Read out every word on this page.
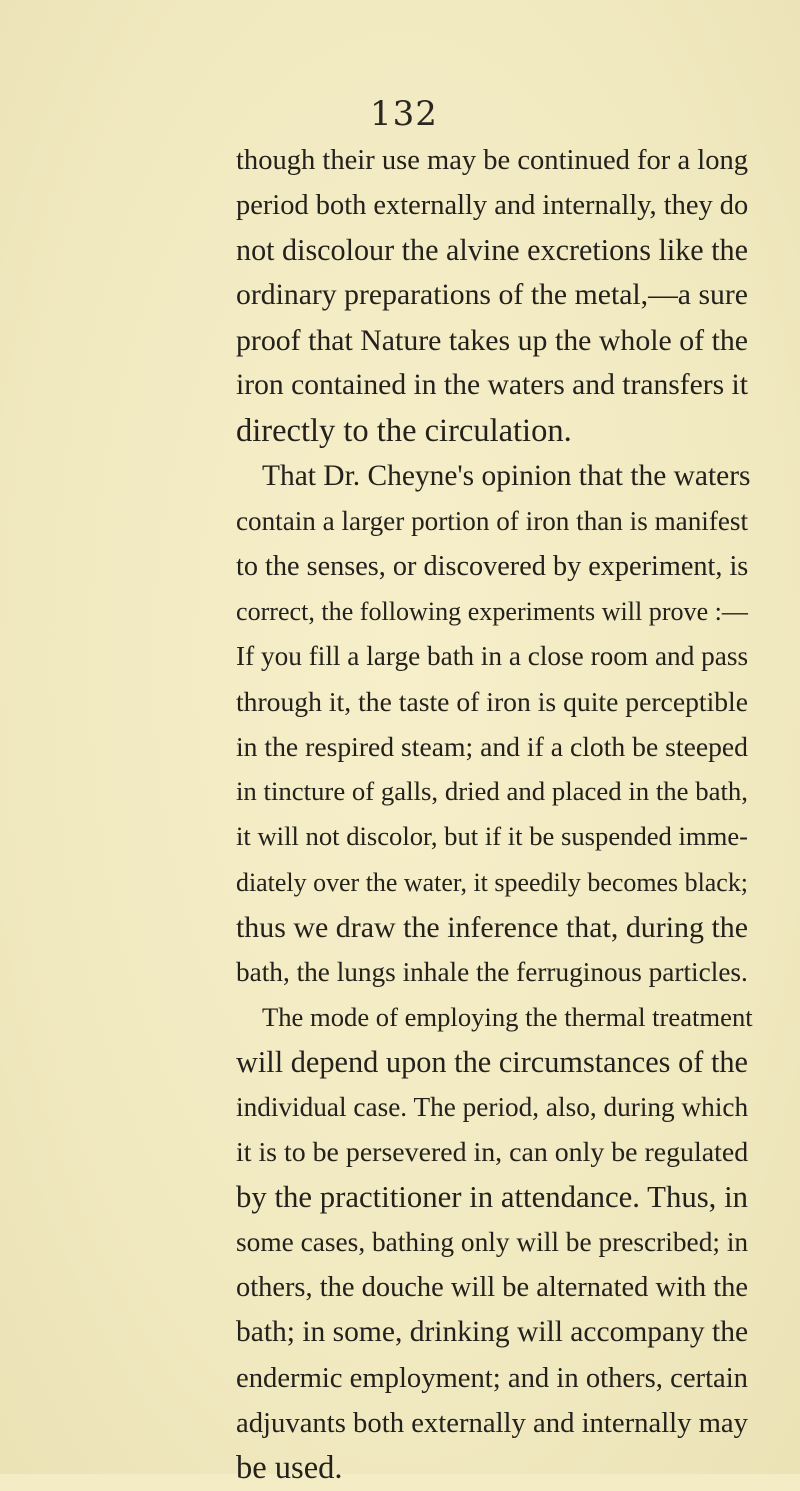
132
though their use may be continued for a long
period both externally and internally, they do
not discolour the alvine excretions like the
ordinary preparations of the metal,—a sure
proof that Nature takes up the whole of the
iron contained in the waters and transfers it
directly to the circulation.
That Dr. Cheyne's opinion that the waters
contain a larger portion of iron than is manifest
to the senses, or discovered by experiment, is
correct, the following experiments will prove :—
If you fill a large bath in a close room and pass
through it, the taste of iron is quite perceptible
in the respired steam; and if a cloth be steeped
in tincture of galls, dried and placed in the bath,
it will not discolor, but if it be suspended imme-
diately over the water, it speedily becomes black;
thus we draw the inference that, during the
bath, the lungs inhale the ferruginous particles.
The mode of employing the thermal treatment
will depend upon the circumstances of the
individual case. The period, also, during which
it is to be persevered in, can only be regulated
by the practitioner in attendance. Thus, in
some cases, bathing only will be prescribed; in
others, the douche will be alternated with the
bath; in some, drinking will accompany the
endermic employment; and in others, certain
adjuvants both externally and internally may
be used.
